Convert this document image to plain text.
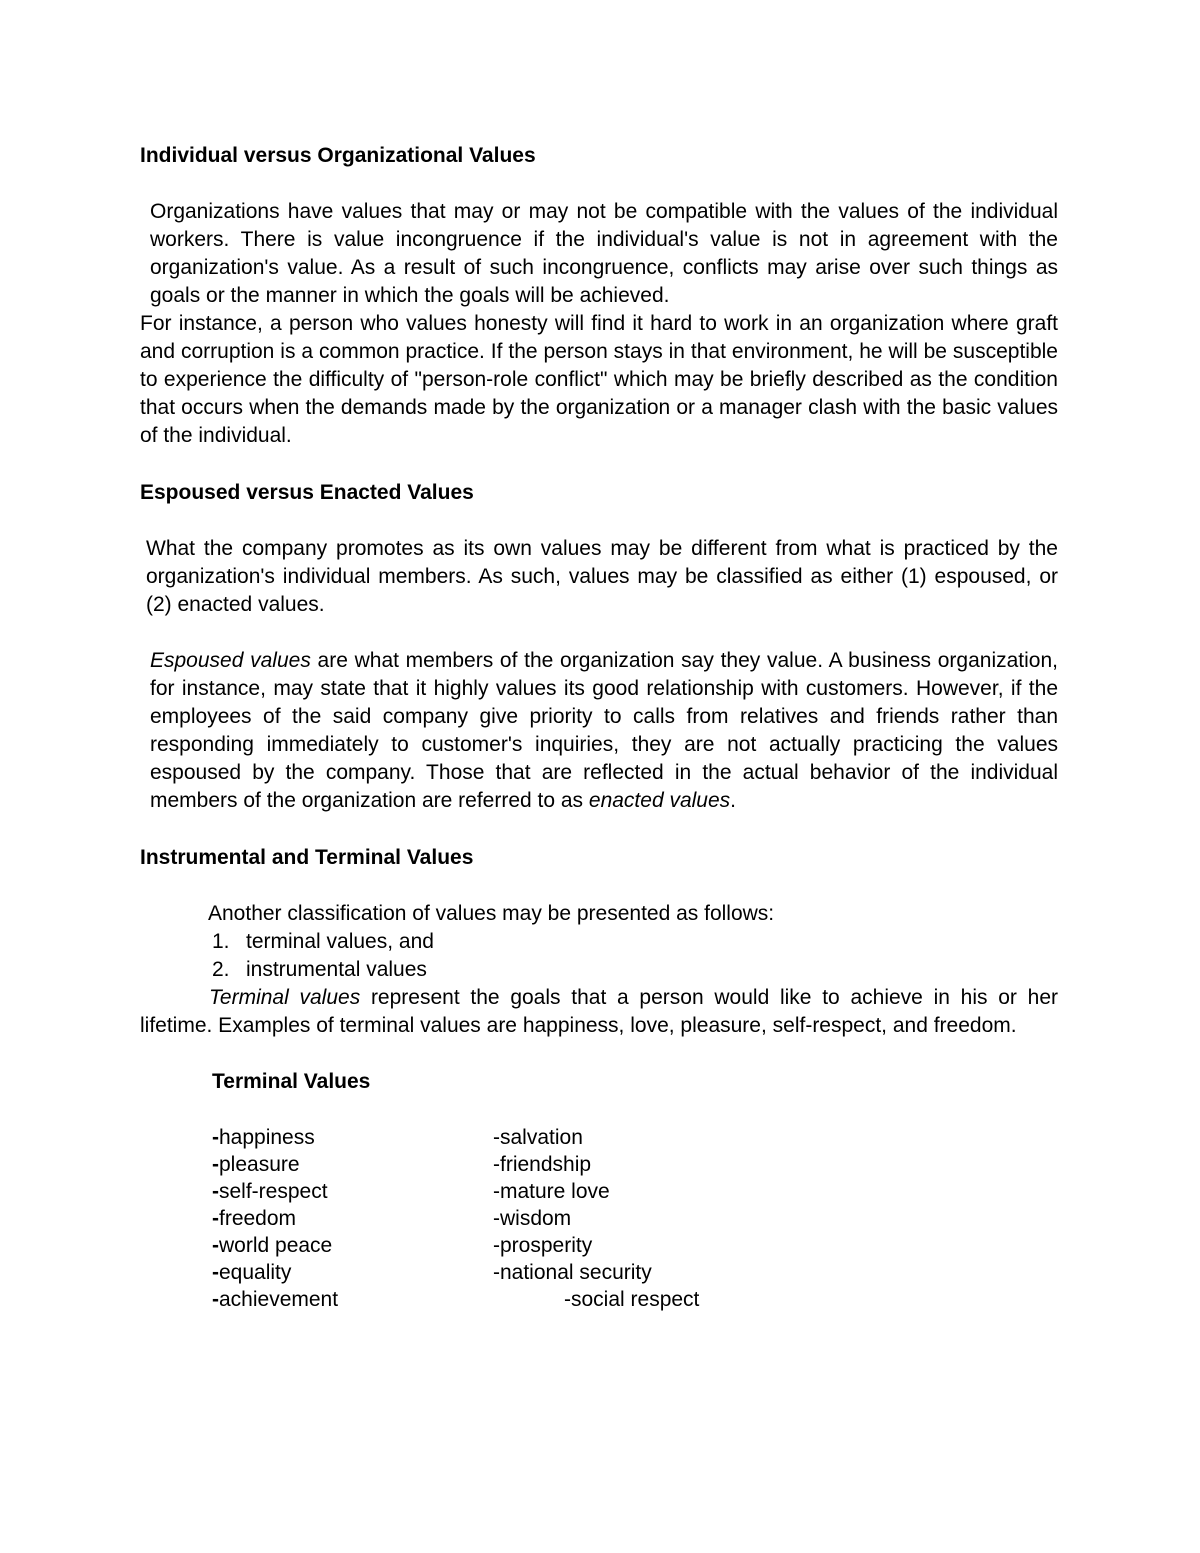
Individual versus Organizational Values

Organizations have values that may or may not be compatible with the values of the individual workers. There is value incongruence if the individual's value is not in agreement with the organization's value. As a result of such incongruence, conflicts may arise over such things as goals or the manner in which the goals will be achieved.

For instance, a person who values honesty will find it hard to work in an organization where graft and corruption is a common practice. If the person stays in that environment, he will be susceptible to experience the difficulty of "person-role conflict" which may be briefly described as the condition that occurs when the demands made by the organization or a manager clash with the basic values of the individual.

Espoused versus Enacted Values

What the company promotes as its own values may be different from what is practiced by the organization's individual members. As such, values may be classified as either (1) espoused, or (2) enacted values.

Espoused values are what members of the organization say they value. A business organization, for instance, may state that it highly values its good relationship with customers. However, if the employees of the said company give priority to calls from relatives and friends rather than responding immediately to customer's inquiries, they are not actually practicing the values espoused by the company. Those that are reflected in the actual behavior of the individual members of the organization are referred to as enacted values.

Instrumental and Terminal Values

Another classification of values may be presented as follows:

1. terminal values, and
2. instrumental values

Terminal values represent the goals that a person would like to achieve in his or her lifetime. Examples of terminal values are happiness, love, pleasure, self-respect, and freedom.

Terminal Values
-happiness	-salvation
-pleasure	-friendship
-self-respect	-mature love
-freedom	-wisdom
-world peace	-prosperity
-equality	-national security
-achievement	-social respect
